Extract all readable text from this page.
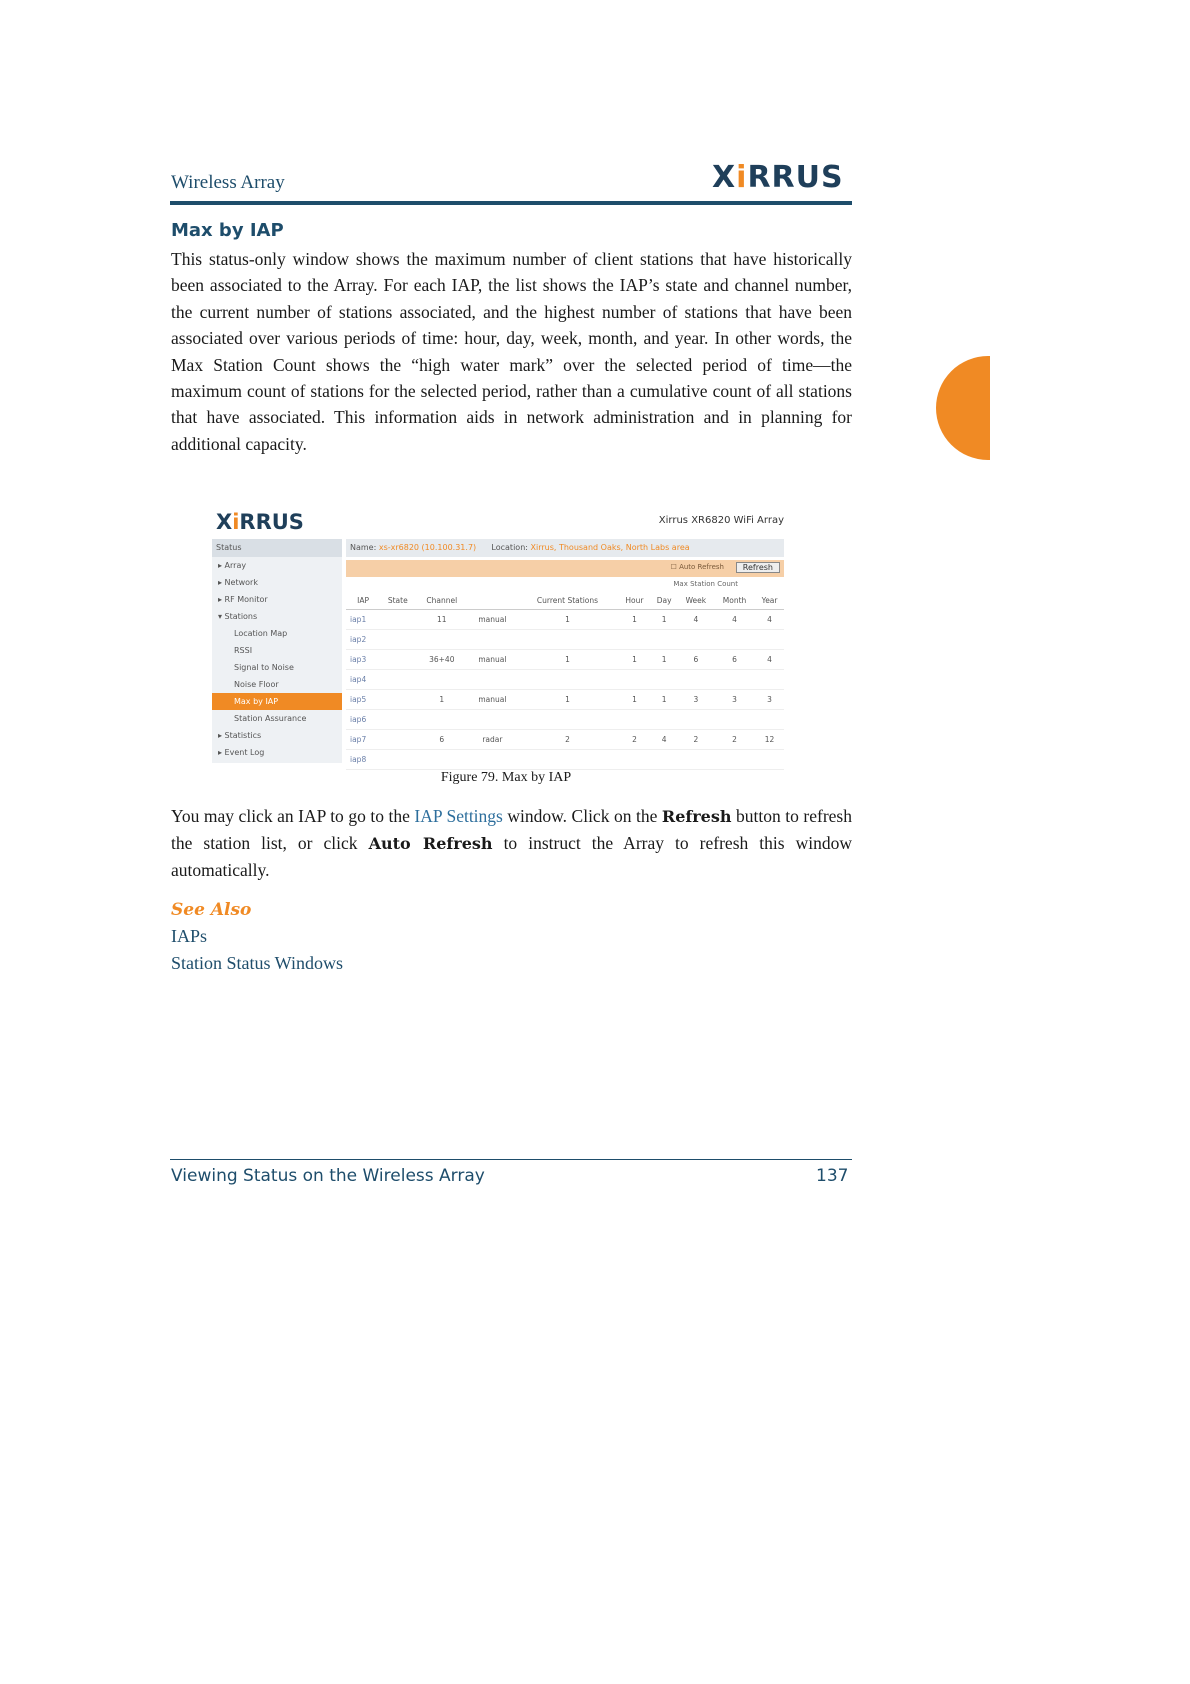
Wireless Array	XiRRUS
Max by IAP
This status-only window shows the maximum number of client stations that have historically been associated to the Array. For each IAP, the list shows the IAP’s state and channel number, the current number of stations associated, and the highest number of stations that have been associated over various periods of time: hour, day, week, month, and year. In other words, the Max Station Count shows the “high water mark” over the selected period of time—the maximum count of stations for the selected period, rather than a cumulative count of all stations that have associated. This information aids in network administration and in planning for additional capacity.
XiRRUS	Xirrus XR6820 WiFi Array
Status
▸ Array
▸ Network
▸ RF Monitor
▾ Stations
Location Map
RSSI
Signal to Noise
Noise Floor
Max by IAP
Station Assurance
▸ Statistics
▸ Event Log
Name: xs-xr6820 (10.100.31.7) Location: Xirrus, Thousand Oaks, North Labs area
☐ Auto Refresh	Refresh
Max Station Count
IAP	State	Channel		Current Stations	Hour	Day	Week	Month	Year
iap1		11	manual	1	1	1	4	4	4
iap2									
iap3		36+40	manual	1	1	1	6	6	4
iap4									
iap5		1	manual	1	1	1	3	3	3
iap6									
iap7		6	radar	2	2	4	2	2	12
iap8									
Figure 79. Max by IAP
You may click an IAP to go to the IAP Settings window. Click on the Refresh button to refresh the station list, or click Auto Refresh to instruct the Array to refresh this window automatically.
See Also
IAPs
Station Status Windows
Viewing Status on the Wireless Array	137
